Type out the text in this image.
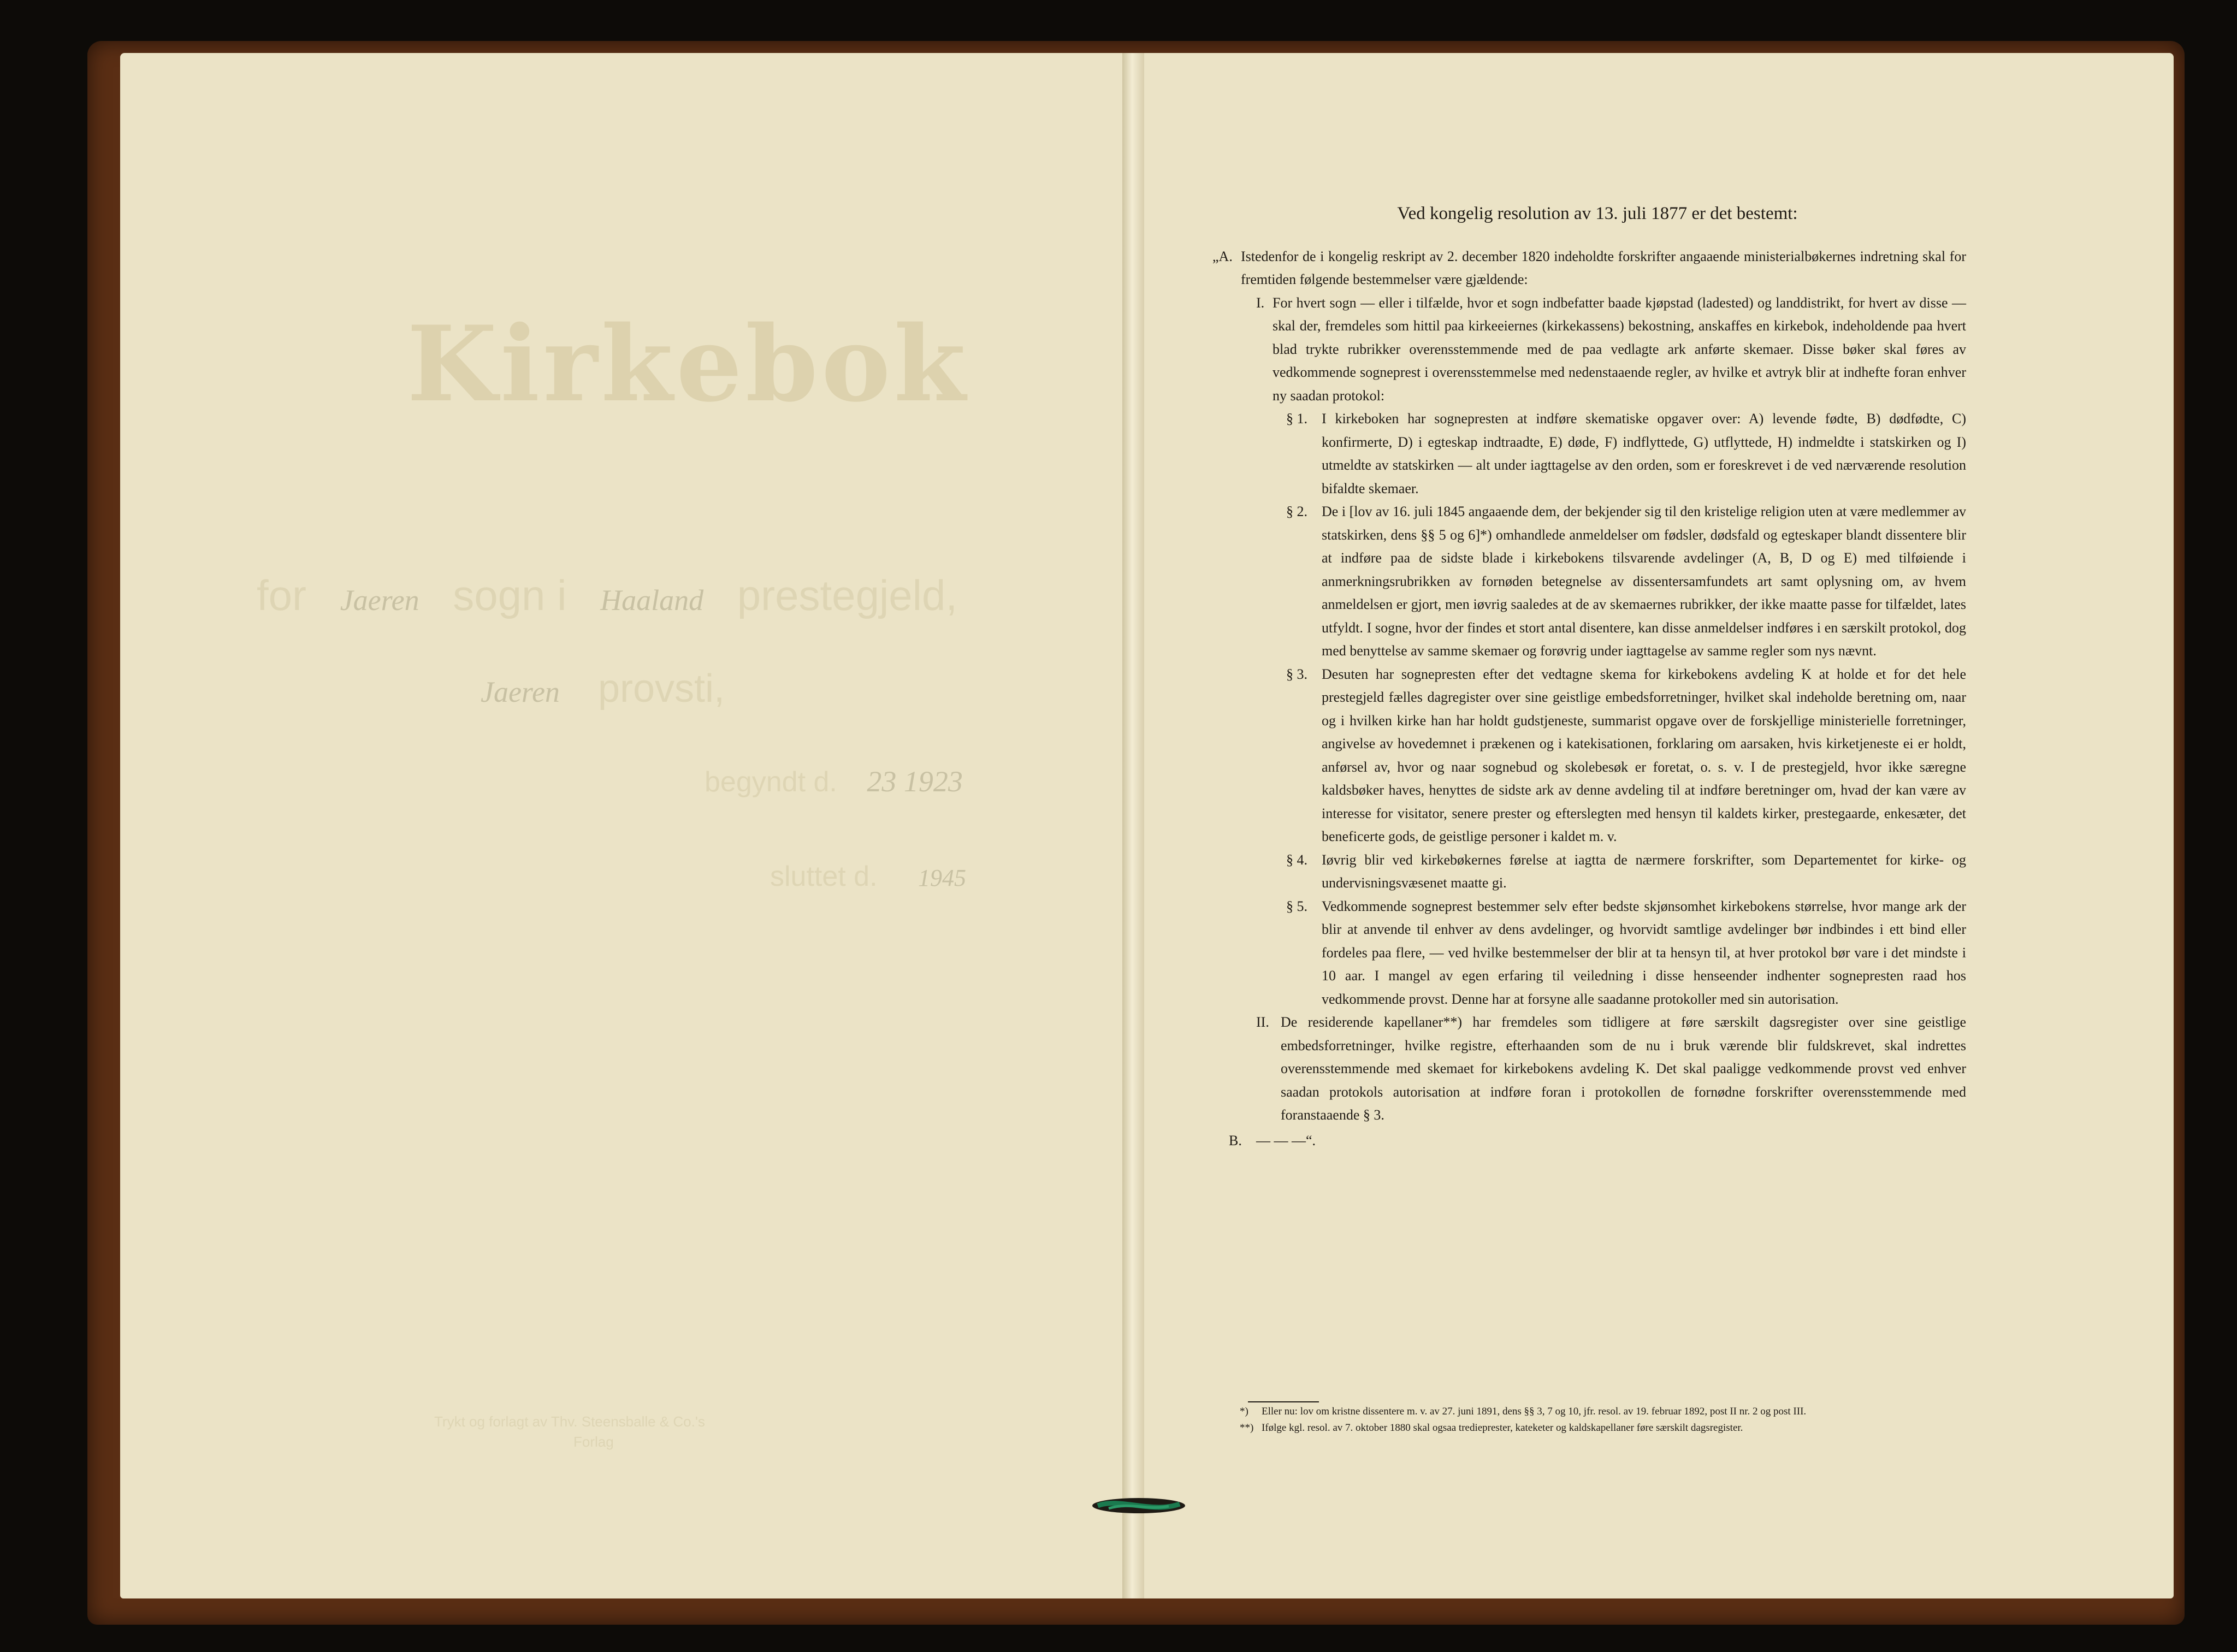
Kirkebok
for Jaeren sogn i Haaland prestegjeld,
Jaeren provsti,
begyndt d. 23 1923
sluttet d. 1945
Trykt og forlagt av Thv. Steensballe & Co.'s
Forlag
Ved kongelig resolution av 13. juli 1877 er det bestemt:
„A. Istedenfor de i kongelig reskript av 2. december 1820 indeholdte forskrifter angaaende ministerialbøkernes indretning skal for fremtiden følgende bestemmelser være gjældende:
I. For hvert sogn — eller i tilfælde, hvor et sogn indbefatter baade kjøpstad (ladested) og landdistrikt, for hvert av disse — skal der, fremdeles som hittil paa kirkeeiernes (kirkekassens) bekostning, anskaffes en kirkebok, indeholdende paa hvert blad trykte rubrikker overensstemmende med de paa vedlagte ark anførte skemaer. Disse bøker skal føres av vedkommende sogneprest i overensstemmelse med nedenstaaende regler, av hvilke et avtryk blir at indhefte foran enhver ny saadan protokol:
§ 1. I kirkeboken har sognepresten at indføre skematiske opgaver over: A) levende fødte, B) dødfødte, C) konfirmerte, D) i egteskap indtraadte, E) døde, F) indflyttede, G) utflyttede, H) indmeldte i statskirken og I) utmeldte av statskirken — alt under iagttagelse av den orden, som er foreskrevet i de ved nærværende resolution bifaldte skemaer.
§ 2. De i [lov av 16. juli 1845 angaaende dem, der bekjender sig til den kristelige religion uten at være medlemmer av statskirken, dens §§ 5 og 6]*) omhandlede anmeldelser om fødsler, dødsfald og egteskaper blandt dissentere blir at indføre paa de sidste blade i kirkebokens tilsvarende avdelinger (A, B, D og E) med tilføiende i anmerkningsrubrikken av fornøden betegnelse av dissentersamfundets art samt oplysning om, av hvem anmeldelsen er gjort, men iøvrig saaledes at de av skemaernes rubrikker, der ikke maatte passe for tilfældet, lates utfyldt. I sogne, hvor der findes et stort antal disentere, kan disse anmeldelser indføres i en særskilt protokol, dog med benyttelse av samme skemaer og forøvrig under iagttagelse av samme regler som nys nævnt.
§ 3. Desuten har sognepresten efter det vedtagne skema for kirkebokens avdeling K at holde et for det hele prestegjeld fælles dagregister over sine geistlige embedsforretninger, hvilket skal indeholde beretning om, naar og i hvilken kirke han har holdt gudstjeneste, summarist opgave over de forskjellige ministerielle forretninger, angivelse av hovedemnet i prækenen og i katekisationen, forklaring om aarsaken, hvis kirketjeneste ei er holdt, anførsel av, hvor og naar sognebud og skolebesøk er foretat, o. s. v. I de prestegjeld, hvor ikke særegne kaldsbøker haves, henyttes de sidste ark av denne avdeling til at indføre beretninger om, hvad der kan være av interesse for visitator, senere prester og efterslegten med hensyn til kaldets kirker, prestegaarde, enkesæter, det beneficerte gods, de geistlige personer i kaldet m. v.
§ 4. Iøvrig blir ved kirkebøkernes førelse at iagtta de nærmere forskrifter, som Departementet for kirke- og undervisningsvæsenet maatte gi.
§ 5. Vedkommende sogneprest bestemmer selv efter bedste skjønsomhet kirkebokens størrelse, hvor mange ark der blir at anvende til enhver av dens avdelinger, og hvorvidt samtlige avdelinger bør indbindes i ett bind eller fordeles paa flere, — ved hvilke bestemmelser der blir at ta hensyn til, at hver protokol bør vare i det mindste i 10 aar. I mangel av egen erfaring til veiledning i disse henseender indhenter sognepresten raad hos vedkommende provst. Denne har at forsyne alle saadanne protokoller med sin autorisation.
II. De residerende kapellaner**) har fremdeles som tidligere at føre særskilt dagsregister over sine geistlige embedsforretninger, hvilke registre, efterhaanden som de nu i bruk værende blir fuldskrevet, skal indrettes overensstemmende med skemaet for kirkebokens avdeling K. Det skal paaligge vedkommende provst ved enhver saadan protokols autorisation at indføre foran i protokollen de fornødne forskrifter overensstemmende med foranstaaende § 3.
B. — — —“.
*) Eller nu: lov om kristne dissentere m. v. av 27. juni 1891, dens §§ 3, 7 og 10, jfr. resol. av 19. februar 1892, post II nr. 2 og post III.
**) Ifølge kgl. resol. av 7. oktober 1880 skal ogsaa tredieprester, kateketer og kaldskapellaner føre særskilt dagsregister.
